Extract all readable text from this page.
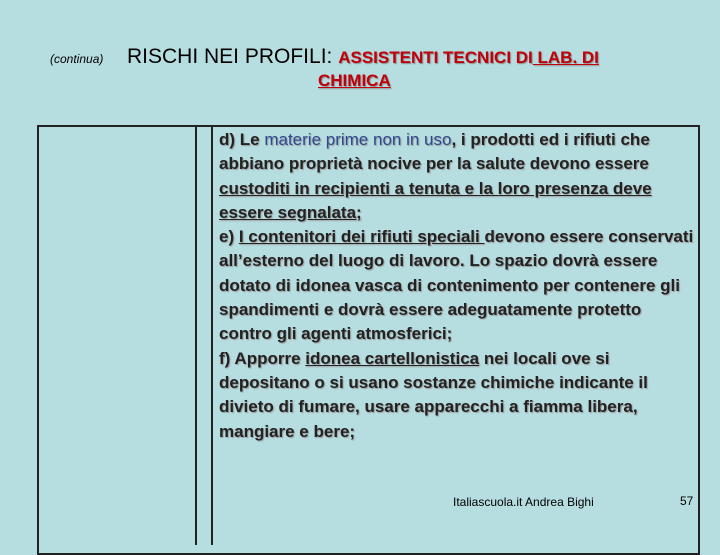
(continua) RISCHI NEI PROFILI: ASSISTENTI TECNICI DI LAB. DI
CHIMICA

d) Le materie prime non in uso, i prodotti ed i rifiuti che abbiano proprietà nocive per la salute devono essere custoditi in recipienti a tenuta e la loro presenza deve essere segnalata;

e) I contenitori dei rifiuti speciali devono essere conservati all’esterno del luogo di lavoro. Lo spazio dovrà essere dotato di idonea vasca di contenimento per contenere gli spandimenti e dovrà essere adeguatamente protetto contro gli agenti atmosferici;

f) Apporre idonea cartellonistica nei locali ove si depositano o si usano sostanze chimiche indicante il divieto di fumare, usare apparecchi a fiamma libera, mangiare e bere;

Italiascuola.it Andrea Bighi	57
